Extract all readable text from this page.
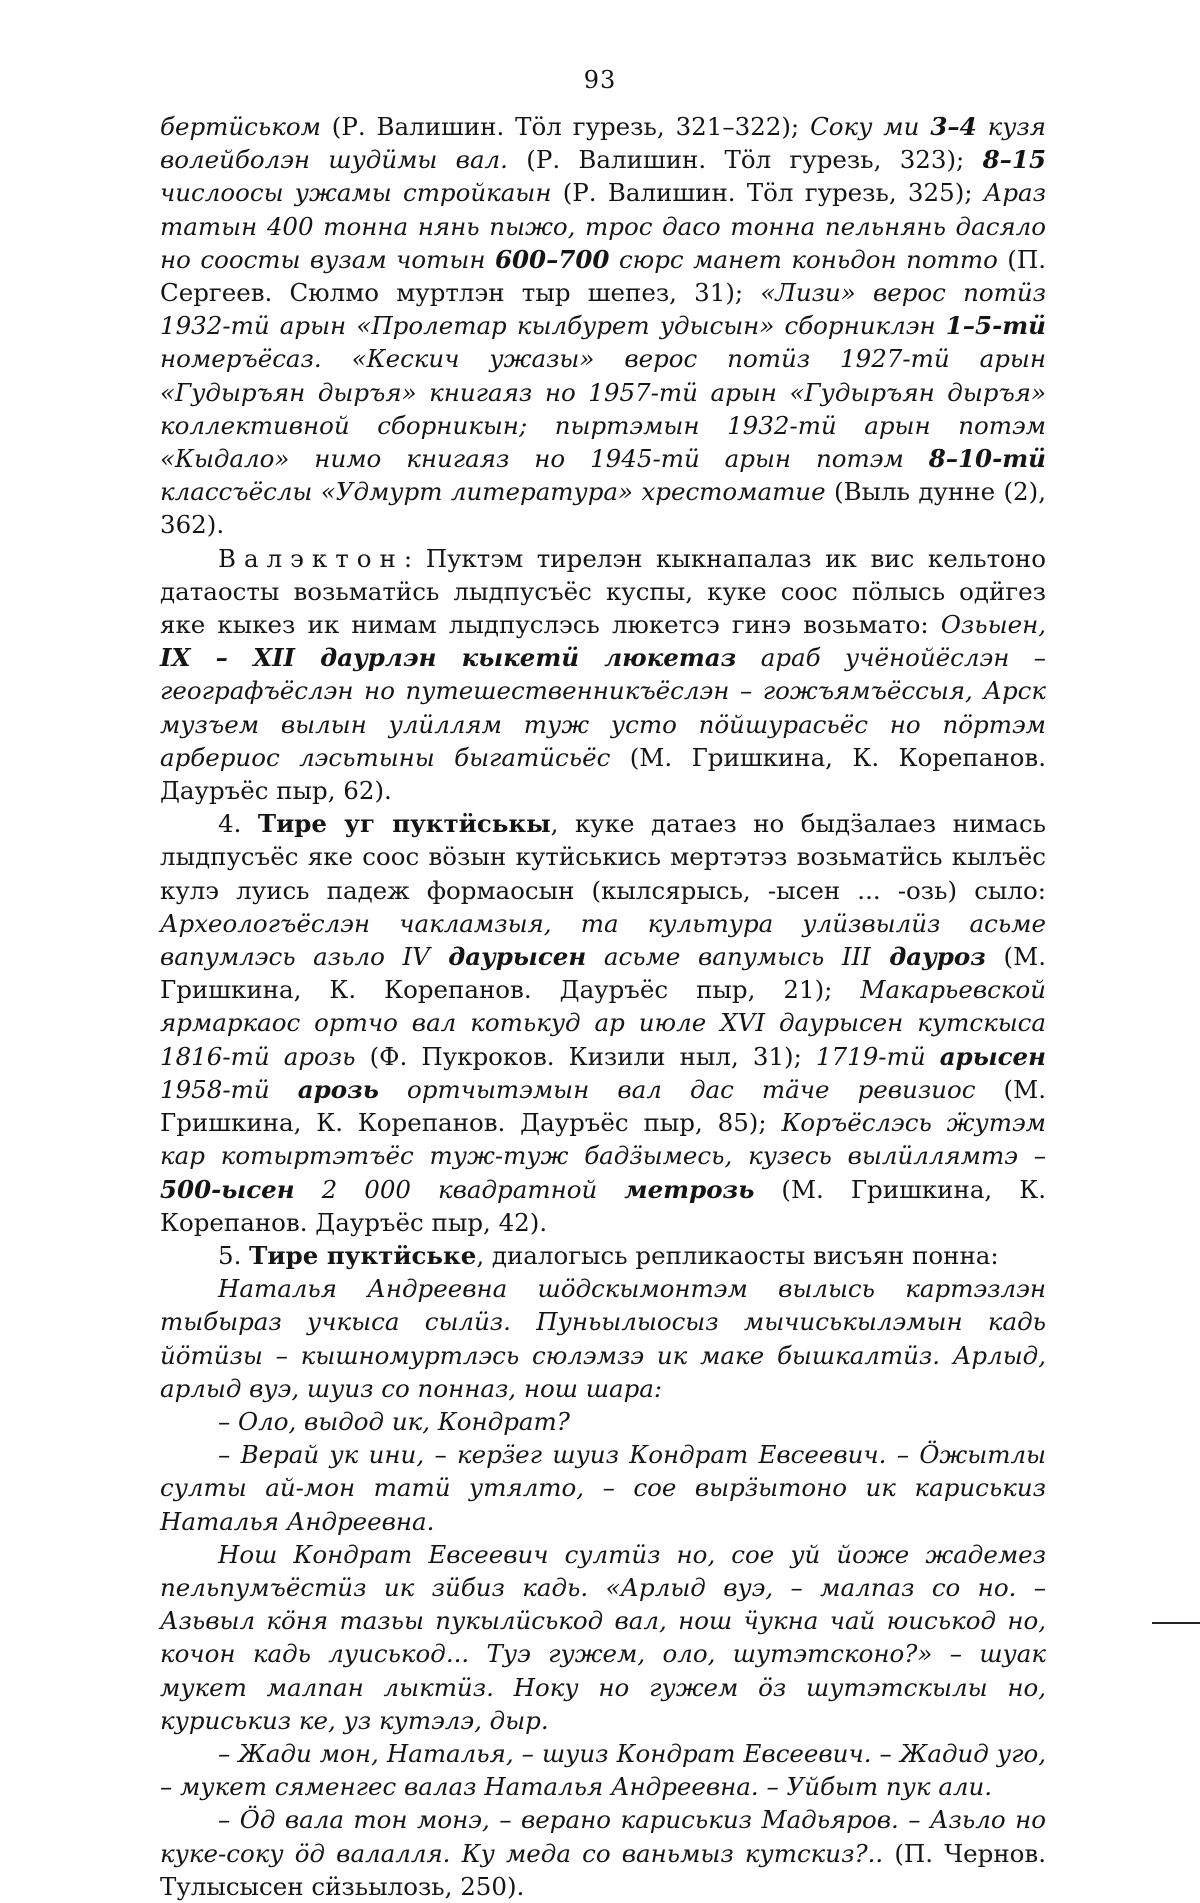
93

бертӥськом (Р. Валишин. Тӧл гурезь, 321–322); Соку ми 3–4 кузя волейболэн шудӥмы вал. (Р. Валишин. Тӧл гурезь, 323); 8–15 числоосы ужамы стройкаын (Р. Валишин. Тӧл гурезь, 325); Араз татын 400 тонна нянь пыжо, трос дасо тонна пельнянь дасяло но сооcты вузам чотын 600–700 сюрс манет коньдон потто (П. Сергеев. Сюлмо муртлэн тыр шепез, 31); «Лизи» верос потӥз 1932-тӥ арын «Пролетар кылбурет удысын» сборниклэн 1–5-тӥ номеръёсаз. «Кескич ужазы» верос потӥз 1927-тӥ арын «Гудыръян дыръя» книгаяз но 1957-тӥ арын «Гудыръян дыръя» коллективной сборникын; пыртэмын 1932-тӥ арын потэм «Кыдало» нимо книгаяз но 1945-тӥ арын потэм 8–10-тӥ классъёслы «Удмурт литература» хрестоматие (Выль дунне (2), 362).

Валэктон: Пуктэм тирелэн кыкнапалаз ик вис кельтоно датаосты возьматӥсь лыдпусъёс куспы, куке соос пӧлысь одӥгез яке кыкез ик нимам лыдпуслэсь люкетсэ гинэ возьмато: Озьыен, IX – XII даурлэн кыкетӥ люкетаз араб учёнойёслэн – географъёслэн но путешественникъёслэн – гожъямъёссыя, Арск музъем вылын улӥллям туж усто пӧйшурасьёс но пӧртэм арбериос лэсьтыны быгатӥсьёс (М. Гришкина, К. Корепанов. Дауръёс пыр, 62).

4. Тире уг пуктӥськы, куке датаез но быдӟалаез нимась лыдпусъёс яке соос вӧзын кутӥськись мертэтэз возьматӥсь кылъёс кулэ луись падеж формаосын (кылсярысь, -ысен ... -озь) сыло: Археологъёслэн чакламзыя, та культура улӥзвылӥз асьме вапумлэсь азьло IV даурысен асьме вапумысь III дауроз (М. Гришкина, К. Корепанов. Дауръёс пыр, 21); Макарьевской ярмаркаос ортчо вал котькуд ар июле XVI даурысен кутскыса 1816-тӥ арозь (Ф. Пукроков. Кизили ныл, 31); 1719-тӥ арысен 1958-тӥ арозь ортчытэмын вал дас тӓче ревизиос (М. Гришкина, К. Корепанов. Дауръёс пыр, 85); Коръёслэсь ӝутэм кар котыртэтъёс туж-туж бадӟымесь, кузесь вылӥллямтэ – 500-ысен 2 000 квадратной метрозь (М. Гришкина, К. Корепанов. Дауръёс пыр, 42).

5. Тире пуктӥське, диалогысь репликаосты висъян понна:

Наталья Андреевна шӧдскымонтэм вылысь картэзлэн тыбыраз учкыса сылӥз. Пуньылыосыз мычиськылэмын кадь йӧтӥзы – кышномуртлэсь сюлэмзэ ик маке бышкалтӥз. Арлыд, арлыд вуэ, шуиз со понназ, нош шара:

– Оло, выдод ик, Кондрат?

– Верай ук ини, – керӟег шуиз Кондрат Евсеевич. – Ӧжытлы султы ай-мон татӥ утялто, – сое вырӟытоно ик кариськиз Наталья Андреевна.

Нош Кондрат Евсеевич султӥз но, сое уй йоже жадемез пельпумъёстӥз ик зӥбиз кадь. «Арлыд вуэ, – малпаз со но. – Азьвыл кӧня тазьы пукылӥськод вал, нош ӵукна чай юиськод но, кочон кадь луиськод... Туэ гужем, оло, шутэтсконо?» – шуак мукет малпан лыктӥз. Ноку но гужем ӧз шутэтскылы но, куриськиз ке, уз кутэлэ, дыр.

– Жади мон, Наталья, – шуиз Кондрат Евсеевич. – Жадид уго, – мукет сяменгес валаз Наталья Андреевна. – Уйбыт пук али.

– Ӧд вала тон монэ, – верано кариськиз Мадьяров. – Азьло но куке-соку ӧд валалля. Ку меда со ваньмыз кутскиз?.. (П. Чернов. Тулысысен сӥзьылозь, 250).
